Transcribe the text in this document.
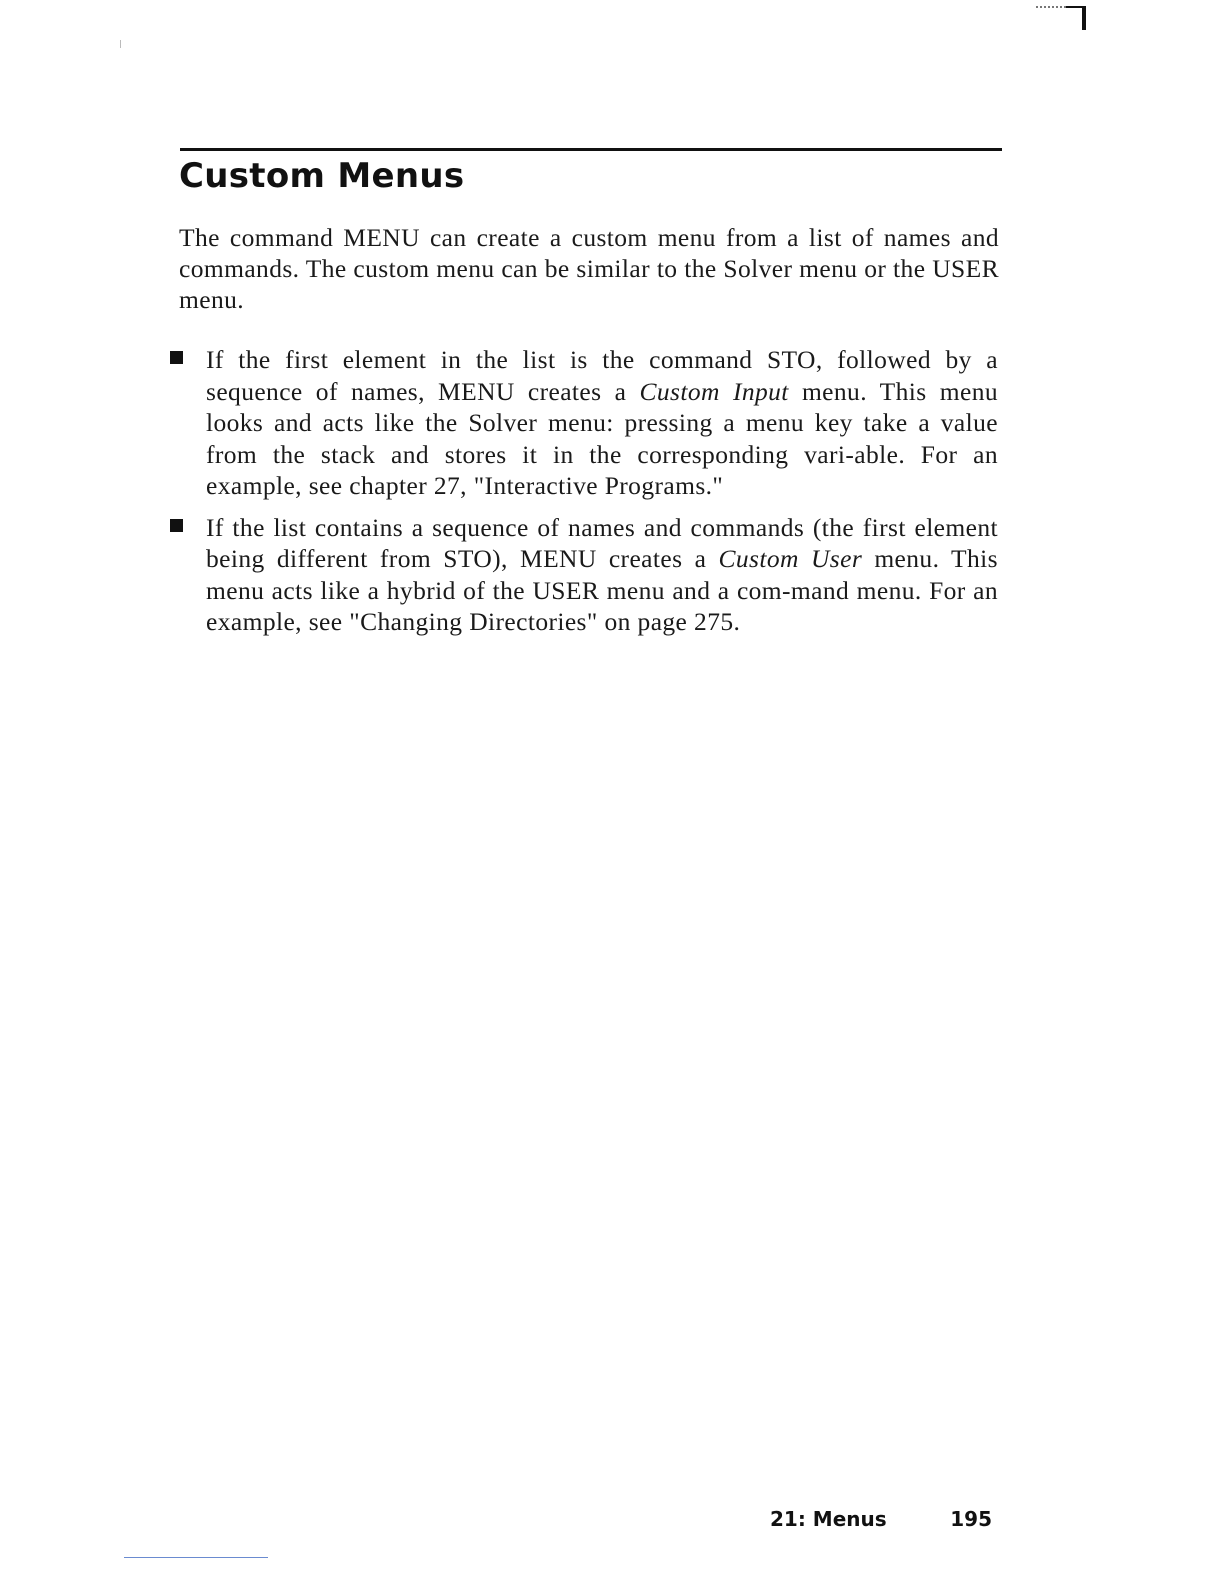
Custom Menus

The command MENU can create a custom menu from a list of names and commands. The custom menu can be similar to the Solver menu or the USER menu.

If the first element in the list is the command STO, followed by a sequence of names, MENU creates a Custom Input menu. This menu looks and acts like the Solver menu: pressing a menu key take a value from the stack and stores it in the corresponding vari-able. For an example, see chapter 27, "Interactive Programs."
If the list contains a sequence of names and commands (the first element being different from STO), MENU creates a Custom User menu. This menu acts like a hybrid of the USER menu and a com-mand menu. For an example, see "Changing Directories" on page 275.
21: Menus	195
